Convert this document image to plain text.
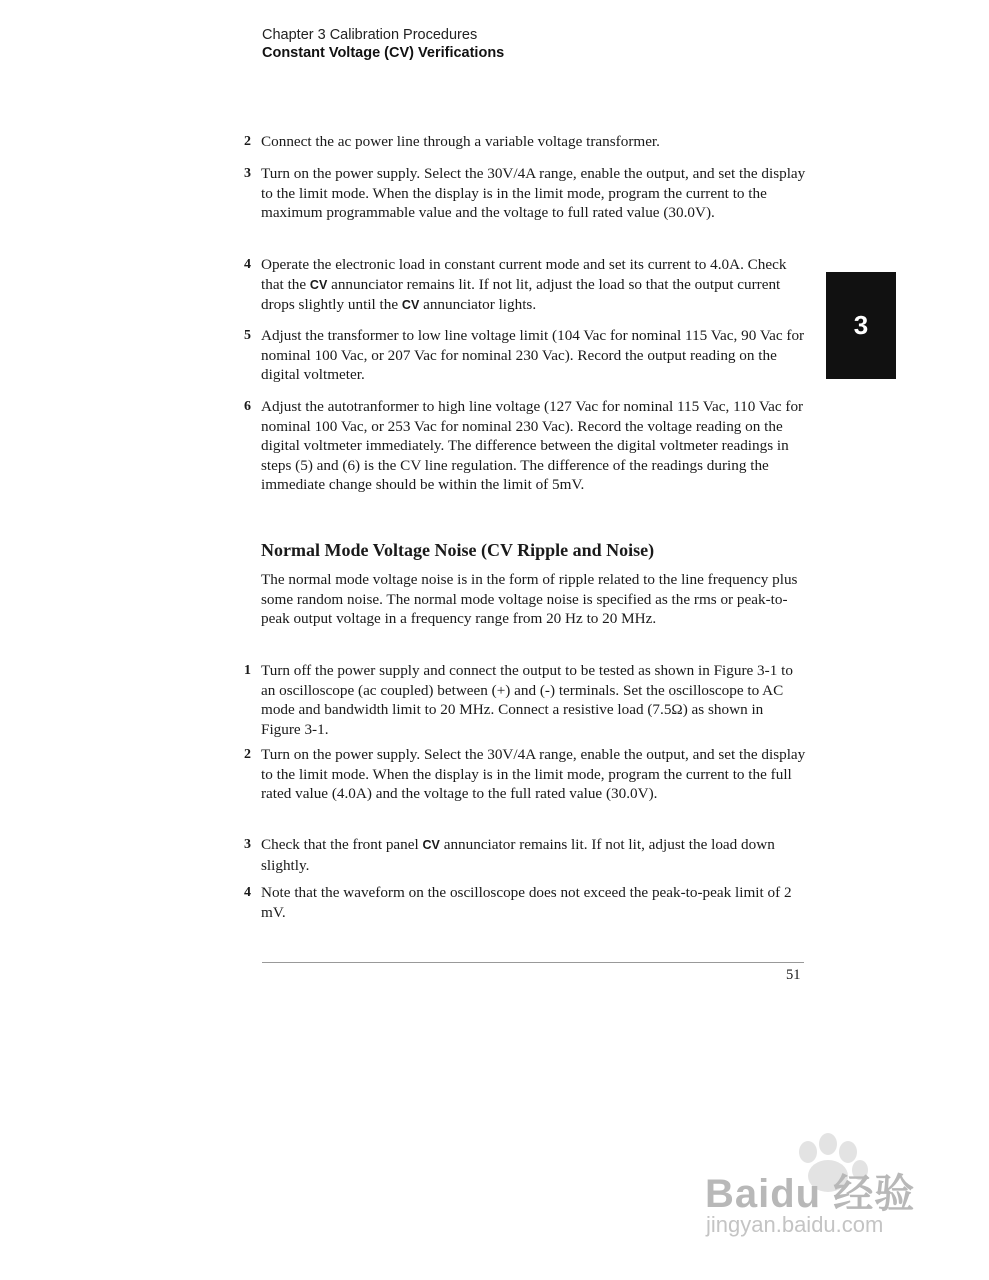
Chapter 3 Calibration Procedures
Constant Voltage (CV) Verifications
3
2 Connect the ac power line through a variable voltage transformer.
3 Turn on the power supply. Select the 30V/4A range, enable the output, and set the display to the limit mode. When the display is in the limit mode, program the current to the maximum programmable value and the voltage to full rated value (30.0V).
4 Operate the electronic load in constant current mode and set its current to 4.0A. Check that the CV annunciator remains lit. If not lit, adjust the load so that the output current drops slightly until the CV annunciator lights.
5 Adjust the transformer to low line voltage limit (104 Vac for nominal 115 Vac, 90 Vac for nominal 100 Vac, or 207 Vac for nominal 230 Vac). Record the output reading on the digital voltmeter.
6 Adjust the autotranformer to high line voltage (127 Vac for nominal 115 Vac, 110 Vac for nominal 100 Vac, or 253 Vac for nominal 230 Vac). Record the voltage reading on the digital voltmeter immediately. The difference between the digital voltmeter readings in steps (5) and (6) is the CV line regulation. The difference of the readings during the immediate change should be within the limit of 5mV.
Normal Mode Voltage Noise (CV Ripple and Noise)
The normal mode voltage noise is in the form of ripple related to the line frequency plus some random noise. The normal mode voltage noise is specified as the rms or peak-to-peak output voltage in a frequency range from 20 Hz to 20 MHz.
1 Turn off the power supply and connect the output to be tested as shown in Figure 3-1 to an oscilloscope (ac coupled) between (+) and (-) terminals. Set the oscilloscope to AC mode and bandwidth limit to 20 MHz. Connect a resistive load (7.5Ω) as shown in Figure 3-1.
2 Turn on the power supply. Select the 30V/4A range, enable the output, and set the display to the limit mode. When the display is in the limit mode, program the current to the full rated value (4.0A) and the voltage to the full rated value (30.0V).
3 Check that the front panel CV annunciator remains lit. If not lit, adjust the load down slightly.
4 Note that the waveform on the oscilloscope does not exceed the peak-to-peak limit of 2 mV.
51
Baidu 经验
jingyan.baidu.com
